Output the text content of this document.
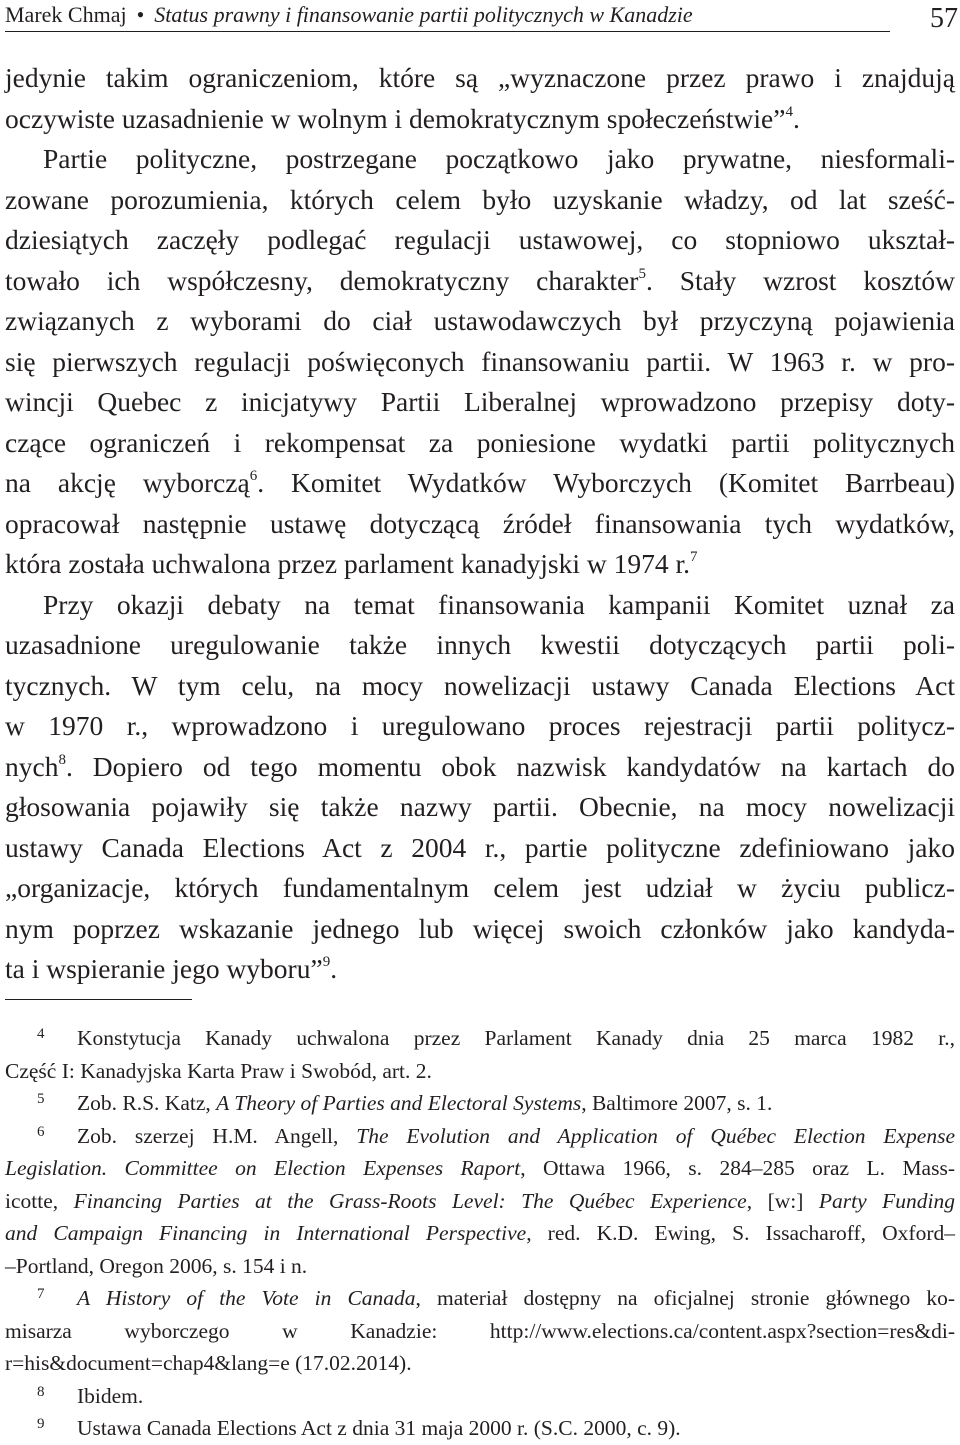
Marek Chmaj • Status prawny i finansowanie partii politycznych w Kanadzie	57
jedynie takim ograniczeniom, które są „wyznaczone przez prawo i znajdują
oczywiste uzasadnienie w wolnym i demokratycznym społeczeństwie”$^4$.
Partie polityczne, postrzegane początkowo jako prywatne, niesformali-
zowane porozumienia, których celem było uzyskanie władzy, od lat sześć-
dziesiątych zaczęły podlegać regulacji ustawowej, co stopniowo ukształ-
towało ich współczesny, demokratyczny charakter$^5$. Stały wzrost kosztów
związanych z wyborami do ciał ustawodawczych był przyczyną pojawienia
się pierwszych regulacji poświęconych finansowaniu partii. W 1963 r. w pro-
wincji Quebec z inicjatywy Partii Liberalnej wprowadzono przepisy doty-
czące ograniczeń i rekompensat za poniesione wydatki partii politycznych
na akcję wyborczą$^6$. Komitet Wydatków Wyborczych (Komitet Barrbeau)
opracował następnie ustawę dotyczącą źródeł finansowania tych wydatków,
która została uchwalona przez parlament kanadyjski w 1974 r.$^7$
Przy okazji debaty na temat finansowania kampanii Komitet uznał za
uzasadnione uregulowanie także innych kwestii dotyczących partii poli-
tycznych. W tym celu, na mocy nowelizacji ustawy Canada Elections Act
w 1970 r., wprowadzono i uregulowano proces rejestracji partii politycz-
nych$^8$. Dopiero od tego momentu obok nazwisk kandydatów na kartach do
głosowania pojawiły się także nazwy partii. Obecnie, na mocy nowelizacji
ustawy Canada Elections Act z 2004 r., partie polityczne zdefiniowano jako
„organizacje, których fundamentalnym celem jest udział w życiu publicz-
nym poprzez wskazanie jednego lub więcej swoich członków jako kandyda-
ta i wspieranie jego wyboru”$^9$.
4 Konstytucja Kanady uchwalona przez Parlament Kanady dnia 25 marca 1982 r.,
Część I: Kanadyjska Karta Praw i Swobód, art. 2.
5 Zob. R.S. Katz, A Theory of Parties and Electoral Systems, Baltimore 2007, s. 1.
6 Zob. szerzej H.M. Angell, The Evolution and Application of Québec Election Expense
Legislation. Committee on Election Expenses Raport, Ottawa 1966, s. 284–285 oraz L. Mass-
icotte, Financing Parties at the Grass-Roots Level: The Québec Experience, [w:] Party Funding
and Campaign Financing in International Perspective, red. K.D. Ewing, S. Issacharoff, Oxford–
–Portland, Oregon 2006, s. 154 i n.
7 A History of the Vote in Canada, materiał dostępny na oficjalnej stronie głównego ko-
misarza wyborczego w Kanadzie: http://www.elections.ca/content.aspx?section=res&di-
r=his&document=chap4&lang=e (17.02.2014).
8 Ibidem.
9 Ustawa Canada Elections Act z dnia 31 maja 2000 r. (S.C. 2000, c. 9).
